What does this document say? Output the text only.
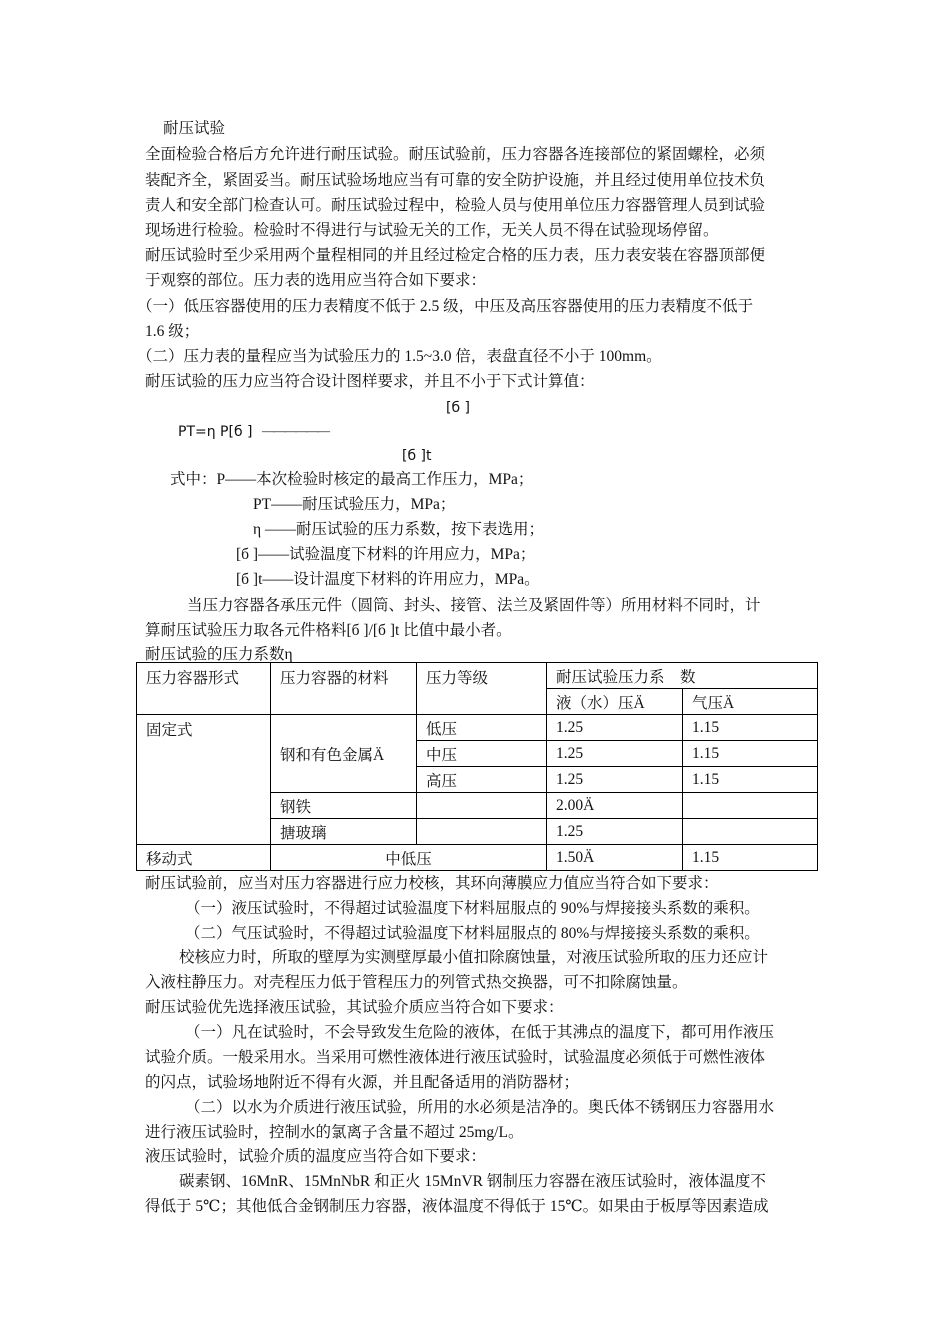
耐压试验

全面检验合格后方允许进行耐压试验。耐压试验前，压力容器各连接部位的紧固螺栓，必须

装配齐全，紧固妥当。耐压试验场地应当有可靠的安全防护设施，并且经过使用单位技术负

责人和安全部门检查认可。耐压试验过程中，检验人员与使用单位压力容器管理人员到试验

现场进行检验。检验时不得进行与试验无关的工作，无关人员不得在试验现场停留。

耐压试验时至少采用两个量程相同的并且经过检定合格的压力表，压力表安装在容器顶部便

于观察的部位。压力表的选用应当符合如下要求：

（一）低压容器使用的压力表精度不低于 2.5 级，中压及高压容器使用的压力表精度不低于

1.6 级；

（二）压力表的量程应当为试验压力的 1.5~3.0 倍，表盘直径不小于 100mm。

耐压试验的压力应当符合设计图样要求，并且不小于下式计算值：

[б ]

PT=η P[б ] ——————

[б ]t

式中：P——本次检验时核定的最高工作压力，MPa；

PT——耐压试验压力，MPa；

η ——耐压试验的压力系数，按下表选用；

[б ]——试验温度下材料的许用应力，MPa；

[б ]t——设计温度下材料的许用应力，MPa。

当压力容器各承压元件（圆筒、封头、接管、法兰及紧固件等）所用材料不同时，计

算耐压试验压力取各元件格料[б ]/[б ]t 比值中最小者。

耐压试验的压力系数η

压力容器形式	压力容器的材料	压力等级	耐压试验压力系　数	
			液（水）压Ä	气压Ä
固定式	钢和有色金属Ä	低压	1.25	1.15
		中压	1.25	1.15
		高压	1.25	1.15
	钢铁		2.00Ä	
	搪玻璃		1.25	
移动式	中低压		1.50Ä	1.15

耐压试验前，应当对压力容器进行应力校核，其环向薄膜应力值应当符合如下要求：

（一）液压试验时，不得超过试验温度下材料屈服点的 90%与焊接接头系数的乘积。

（二）气压试验时，不得超过试验温度下材料屈服点的 80%与焊接接头系数的乘积。

校核应力时，所取的壁厚为实测壁厚最小值扣除腐蚀量，对液压试验所取的压力还应计

入液柱静压力。对壳程压力低于管程压力的列管式热交换器，可不扣除腐蚀量。

耐压试验优先选择液压试验，其试验介质应当符合如下要求：

（一）凡在试验时，不会导致发生危险的液体，在低于其沸点的温度下，都可用作液压

试验介质。一般采用水。当采用可燃性液体进行液压试验时，试验温度必须低于可燃性液体

的闪点，试验场地附近不得有火源，并且配备适用的消防器材；

（二）以水为介质进行液压试验，所用的水必须是洁净的。奥氏体不锈钢压力容器用水

进行液压试验时，控制水的氯离子含量不超过 25mg/L。

液压试验时，试验介质的温度应当符合如下要求：

碳素钢、16MnR、15MnNbR 和正火 15MnVR 钢制压力容器在液压试验时，液体温度不

得低于 5℃；其他低合金钢制压力容器，液体温度不得低于 15℃。如果由于板厚等因素造成
